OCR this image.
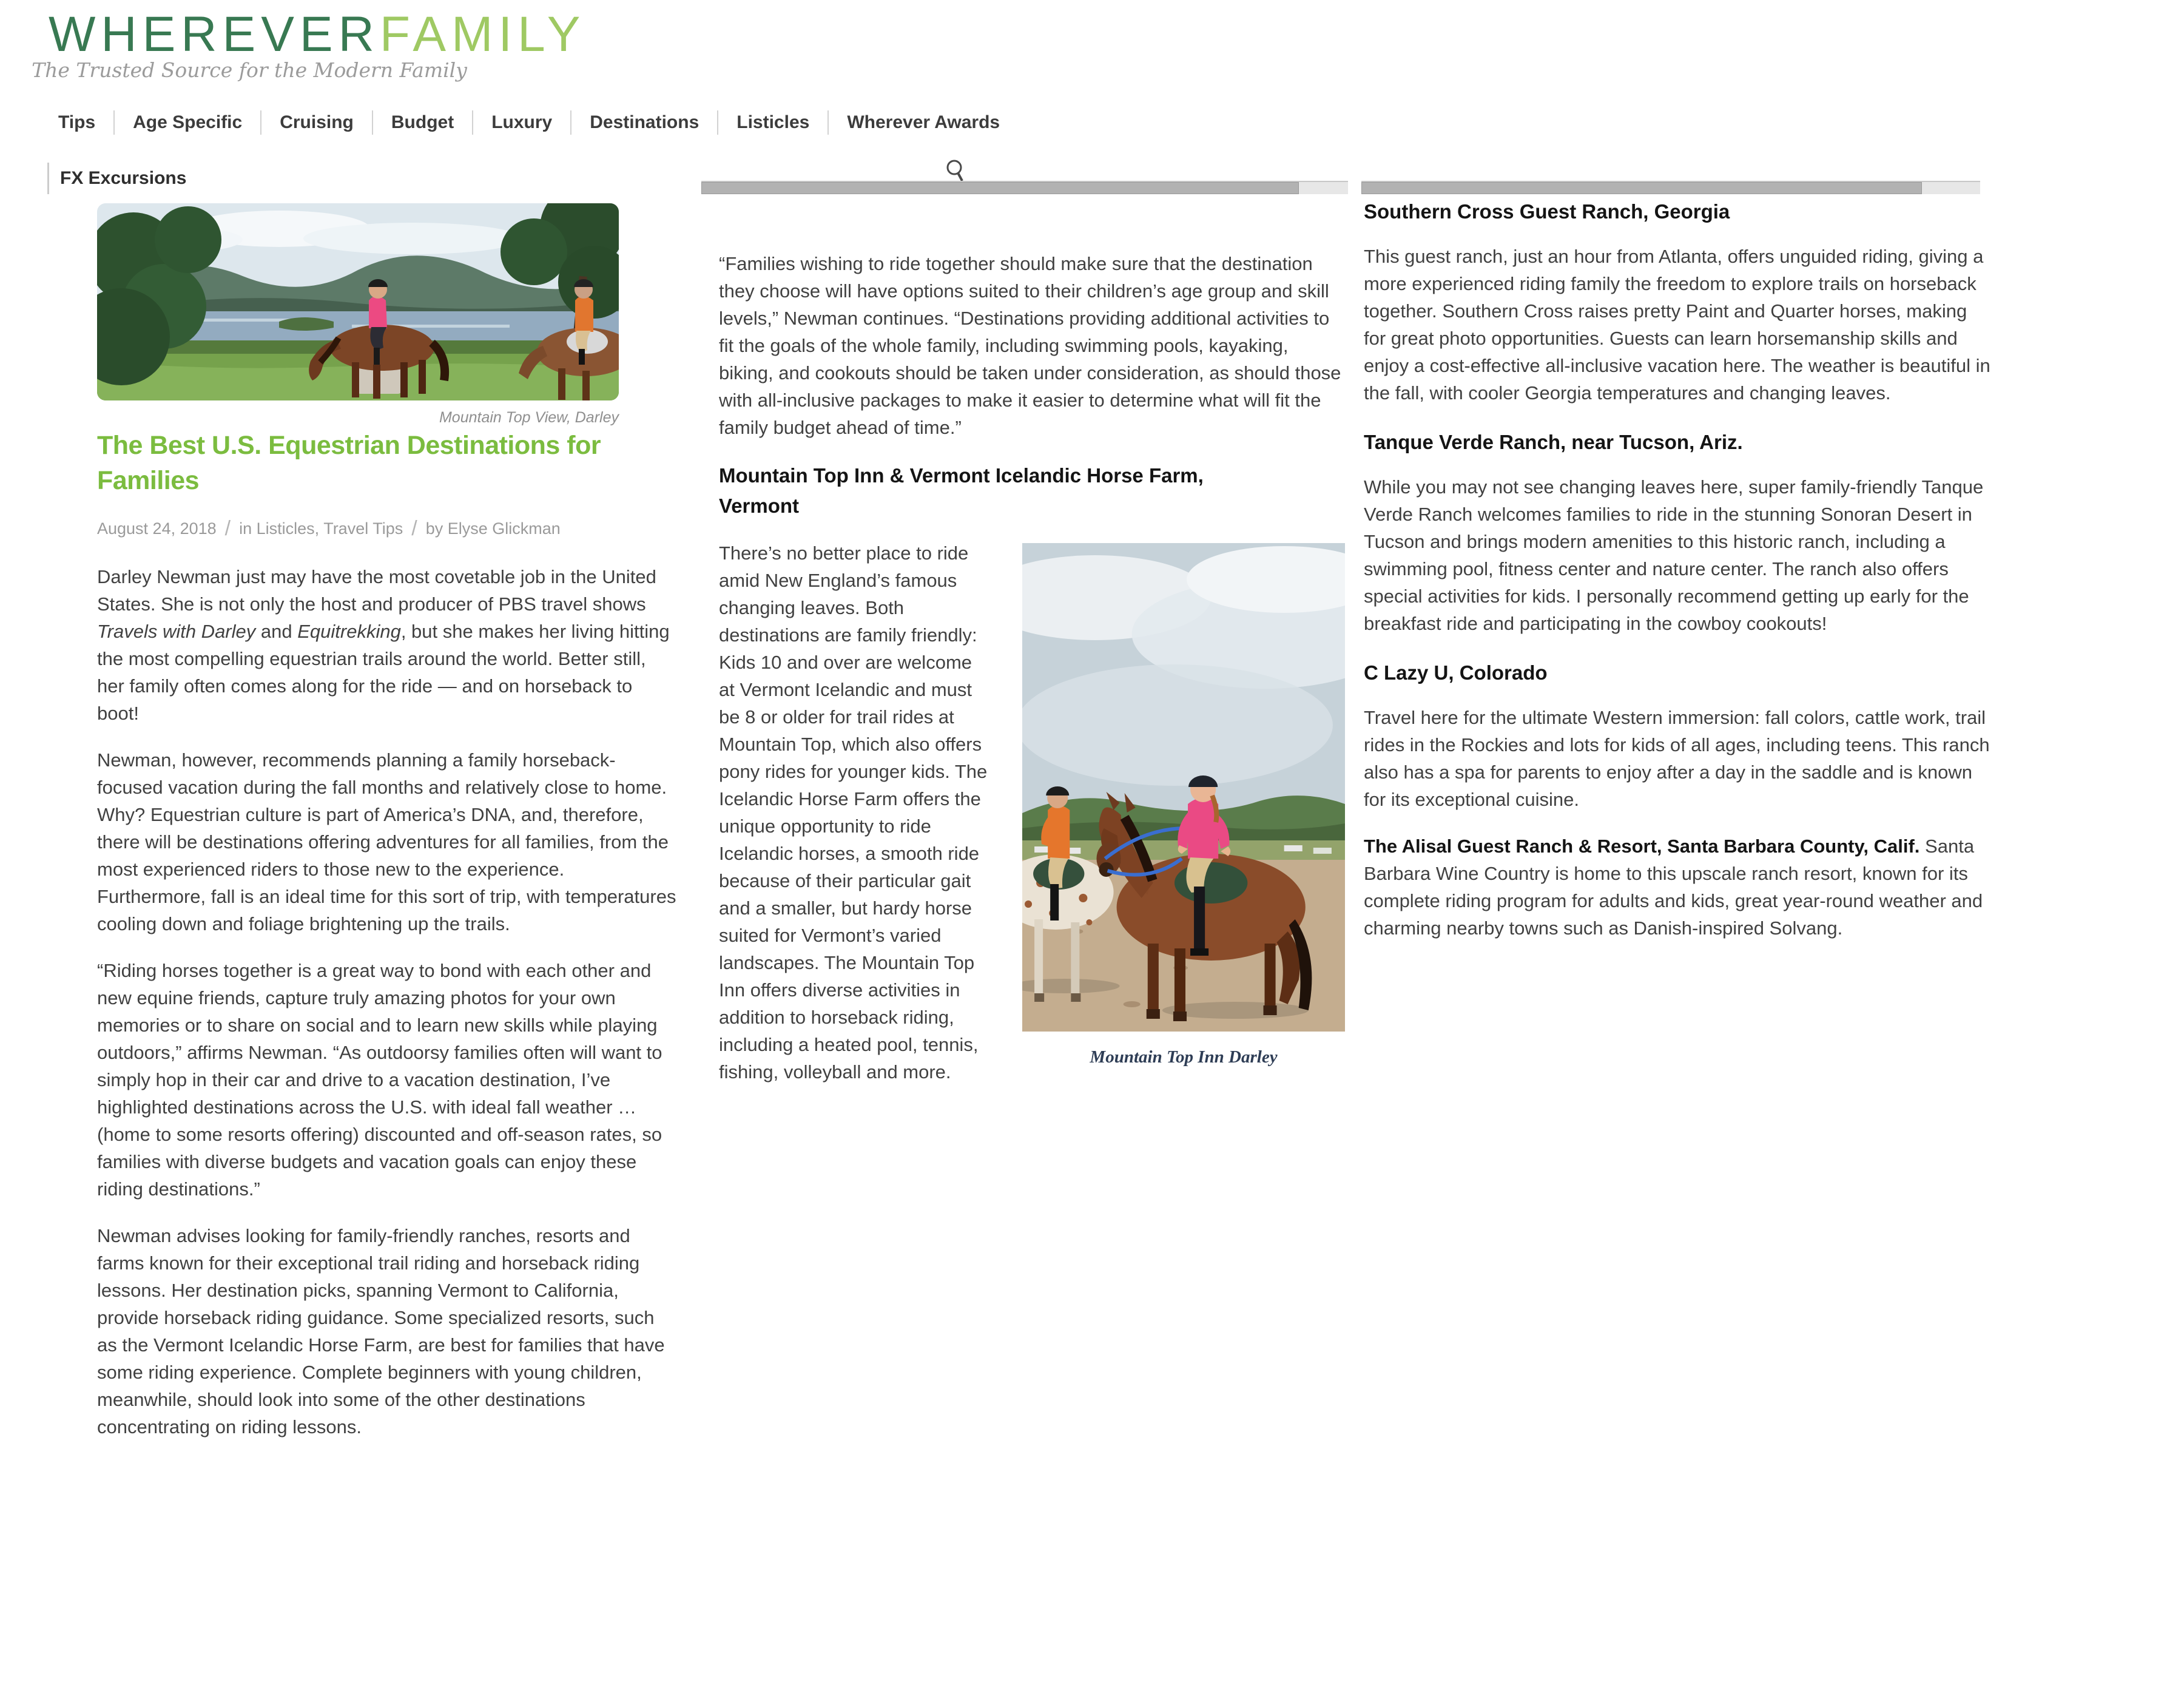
WHEREVERFAMILY
The Trusted Source for the Modern Family
Tips	Age Specific	Cruising	Budget	Luxury	Destinations	Listicles	Wherever Awards
FX Excursions
Mountain Top View, Darley
The Best U.S. Equestrian Destinations for Families
August 24, 2018 / in Listicles, Travel Tips / by Elyse Glickman

Darley Newman just may have the most covetable job in the United States. She is not only the host and producer of PBS travel shows Travels with Darley and Equitrekking, but she makes her living hitting the most compelling equestrian trails around the world. Better still, her family often comes along for the ride — and on horseback to boot!

Newman, however, recommends planning a family horseback-focused vacation during the fall months and relatively close to home. Why? Equestrian culture is part of America’s DNA, and, therefore, there will be destinations offering adventures for all families, from the most experienced riders to those new to the experience. Furthermore, fall is an ideal time for this sort of trip, with temperatures cooling down and foliage brightening up the trails.

“Riding horses together is a great way to bond with each other and new equine friends, capture truly amazing photos for your own memories or to share on social and to learn new skills while playing outdoors,” affirms Newman. “As outdoorsy families often will want to simply hop in their car and drive to a vacation destination, I’ve highlighted destinations across the U.S. with ideal fall weather … (home to some resorts offering) discounted and off-season rates, so families with diverse budgets and vacation goals can enjoy these riding destinations.”

Newman advises looking for family-friendly ranches, resorts and farms known for their exceptional trail riding and horseback riding lessons. Her destination picks, spanning Vermont to California, provide horseback riding guidance. Some specialized resorts, such as the Vermont Icelandic Horse Farm, are best for families that have some riding experience. Complete beginners with young children, meanwhile, should look into some of the other destinations concentrating on riding lessons.

“Families wishing to ride together should make sure that the destination they choose will have options suited to their children’s age group and skill levels,” Newman continues. “Destinations providing additional activities to fit the goals of the whole family, including swimming pools, kayaking, biking, and cookouts should be taken under consideration, as should those with all-inclusive packages to make it easier to determine what will fit the family budget ahead of time.”

Mountain Top Inn & Vermont Icelandic Horse Farm, Vermont
Mountain Top Inn Darley

There’s no better place to ride amid New England’s famous changing leaves. Both destinations are family friendly: Kids 10 and over are welcome at Vermont Icelandic and must be 8 or older for trail rides at Mountain Top, which also offers pony rides for younger kids. The Icelandic Horse Farm offers the unique opportunity to ride Icelandic horses, a smooth ride because of their particular gait and a smaller, but hardy horse suited for Vermont’s varied landscapes. The Mountain Top Inn offers diverse activities in addition to horseback riding, including a heated pool, tennis, fishing, volleyball and more.

Southern Cross Guest Ranch, Georgia

This guest ranch, just an hour from Atlanta, offers unguided riding, giving a more experienced riding family the freedom to explore trails on horseback together. Southern Cross raises pretty Paint and Quarter horses, making for great photo opportunities. Guests can learn horsemanship skills and enjoy a cost-effective all-inclusive vacation here. The weather is beautiful in the fall, with cooler Georgia temperatures and changing leaves.

Tanque Verde Ranch, near Tucson, Ariz.

While you may not see changing leaves here, super family-friendly Tanque Verde Ranch welcomes families to ride in the stunning Sonoran Desert in Tucson and brings modern amenities to this historic ranch, including a swimming pool, fitness center and nature center. The ranch also offers special activities for kids. I personally recommend getting up early for the breakfast ride and participating in the cowboy cookouts!

C Lazy U, Colorado

Travel here for the ultimate Western immersion: fall colors, cattle work, trail rides in the Rockies and lots for kids of all ages, including teens. This ranch also has a spa for parents to enjoy after a day in the saddle and is known for its exceptional cuisine.

The Alisal Guest Ranch & Resort, Santa Barbara County, Calif. Santa Barbara Wine Country is home to this upscale ranch resort, known for its complete riding program for adults and kids, great year-round weather and charming nearby towns such as Danish-inspired Solvang.
